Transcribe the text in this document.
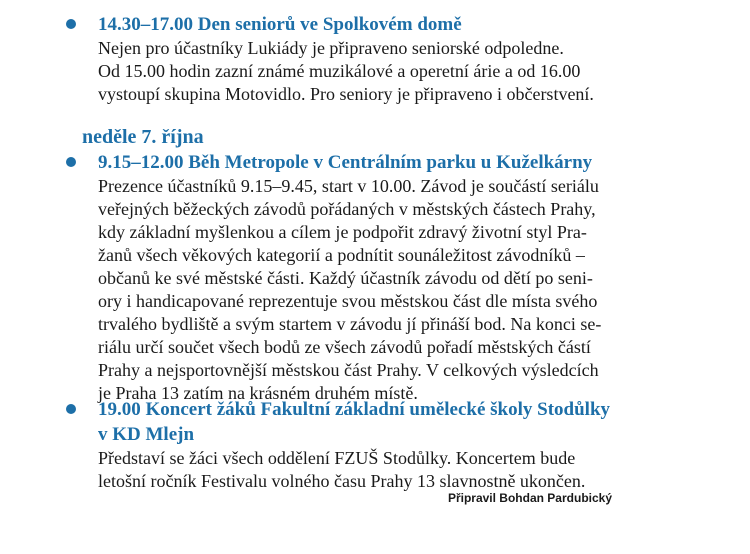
14.30–17.00 Den seniorů ve Spolkovém domě
Nejen pro účastníky Lukiády je připraveno seniorské odpoledne.
Od 15.00 hodin zazní známé muzikálové a operetní árie a od 16.00
vystoupí skupina Motovidlo. Pro seniory je připraveno i občerstvení.
neděle 7. října
9.15–12.00 Běh Metropole v Centrálním parku u Kuželkárny
Prezence účastníků 9.15–9.45, start v 10.00. Závod je součástí seriálu
veřejných běžeckých závodů pořádaných v městských částech Prahy,
kdy základní myšlenkou a cílem je podpořit zdravý životní styl Pra-
žanů všech věkových kategorií a podnítit sounáležitost závodníků –
občanů ke své městské části. Každý účastník závodu od dětí po seni-
ory i handicapované reprezentuje svou městskou část dle místa svého
trvalého bydliště a svým startem v závodu jí přináší bod. Na konci se-
riálu určí součet všech bodů ze všech závodů pořadí městských částí
Prahy a nejsportovnější městskou část Prahy. V celkových výsledcích
je Praha 13 zatím na krásném druhém místě.
19.00 Koncert žáků Fakultní základní umělecké školy Stodůlky
v KD Mlejn
Představí se žáci všech oddělení FZUŠ Stodůlky. Koncertem bude
letošní ročník Festivalu volného času Prahy 13 slavnostně ukončen.
Připravil Bohdan Pardubický
